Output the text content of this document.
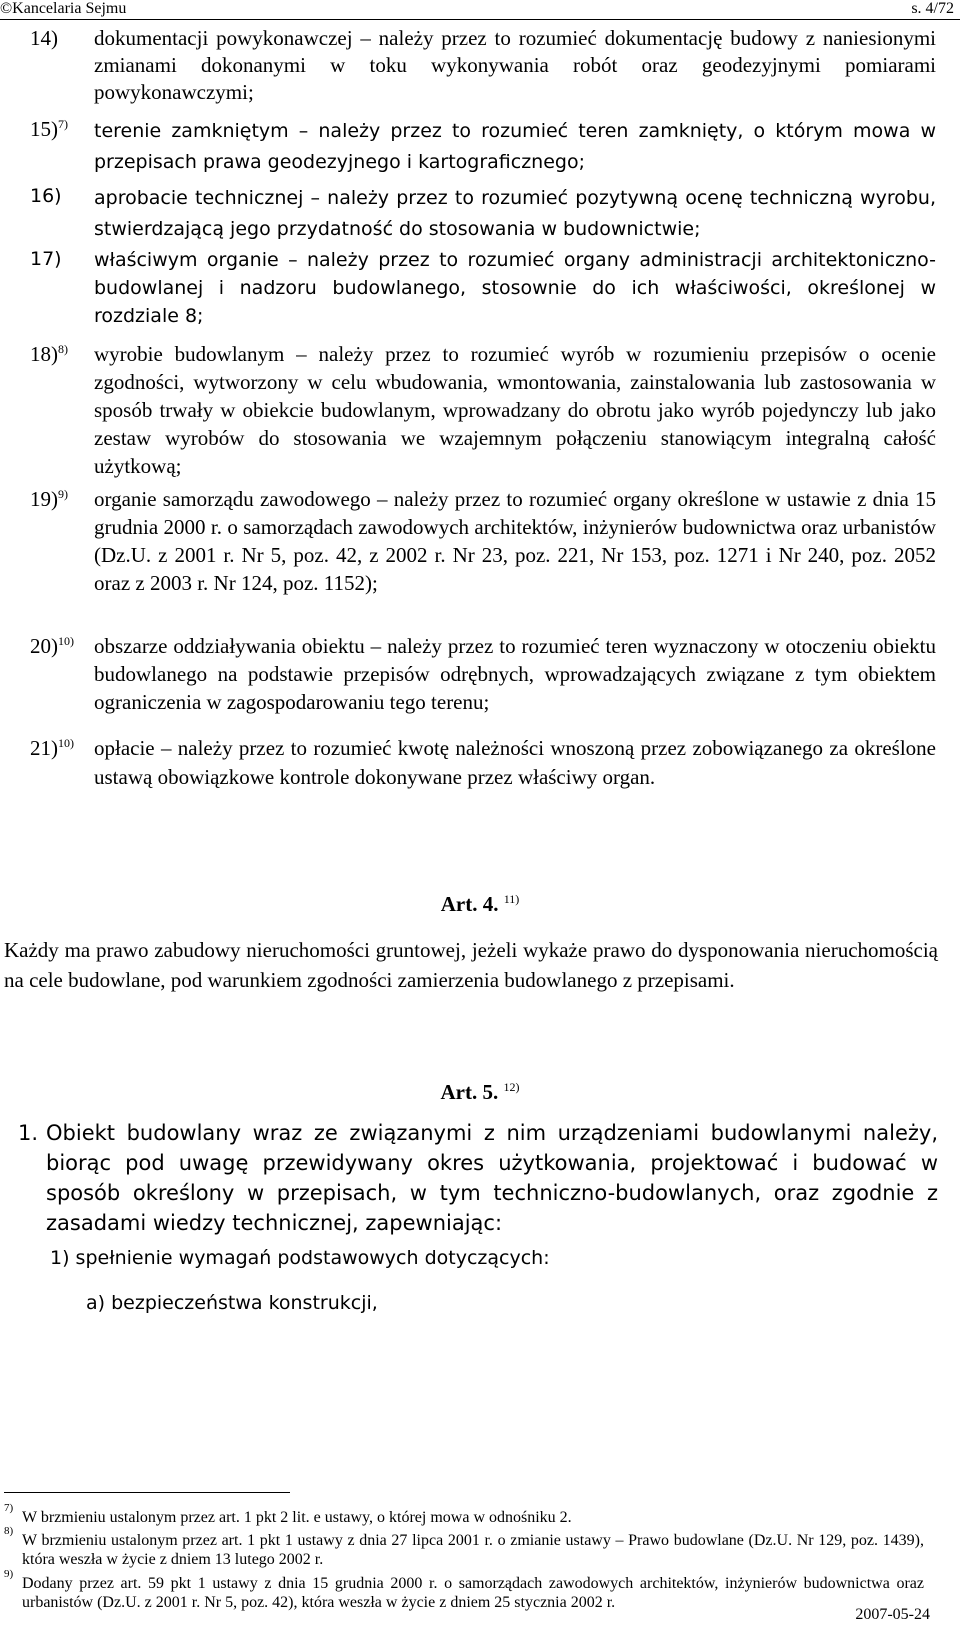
©Kancelaria Sejmu	s. 4/72
14) dokumentacji powykonawczej – należy przez to rozumieć dokumentację budowy z naniesionymi zmianami dokonanymi w toku wykonywania robót oraz geodezyjnymi pomiarami powykonawczymi;
15)$^{7)}$ terenie zamkniętym – należy przez to rozumieć teren zamknięty, o którym mowa w przepisach prawa geodezyjnego i kartograficznego;
16) aprobacie technicznej – należy przez to rozumieć pozytywną ocenę techniczną wyrobu, stwierdzającą jego przydatność do stosowania w budownictwie;
17) właściwym organie – należy przez to rozumieć organy administracji architektoniczno-budowlanej i nadzoru budowlanego, stosownie do ich właściwości, określonej w rozdziale 8;
18)$^{8)}$ wyrobie budowlanym – należy przez to rozumieć wyrób w rozumieniu przepisów o ocenie zgodności, wytworzony w celu wbudowania, wmontowania, zainstalowania lub zastosowania w sposób trwały w obiekcie budowlanym, wprowadzany do obrotu jako wyrób pojedynczy lub jako zestaw wyrobów do stosowania we wzajemnym połączeniu stanowiącym integralną całość użytkową;
19)$^{9)}$ organie samorządu zawodowego – należy przez to rozumieć organy określone w ustawie z dnia 15 grudnia 2000 r. o samorządach zawodowych architektów, inżynierów budownictwa oraz urbanistów (Dz.U. z 2001 r. Nr 5, poz. 42, z 2002 r. Nr 23, poz. 221, Nr 153, poz. 1271 i Nr 240, poz. 2052 oraz z 2003 r. Nr 124, poz. 1152);
20)$^{10)}$ obszarze oddziaływania obiektu – należy przez to rozumieć teren wyznaczony w otoczeniu obiektu budowlanego na podstawie przepisów odrębnych, wprowadzających związane z tym obiektem ograniczenia w zagospodarowaniu tego terenu;
21)$^{10)}$ opłacie – należy przez to rozumieć kwotę należności wnoszoną przez zobowiązanego za określone ustawą obowiązkowe kontrole dokonywane przez właściwy organ.
Art. 4. $^{11)}$
Każdy ma prawo zabudowy nieruchomości gruntowej, jeżeli wykaże prawo do dysponowania nieruchomością na cele budowlane, pod warunkiem zgodności zamierzenia budowlanego z przepisami.
Art. 5. $^{12)}$
1. Obiekt budowlany wraz ze związanymi z nim urządzeniami budowlanymi należy, biorąc pod uwagę przewidywany okres użytkowania, projektować i budować w sposób określony w przepisach, w tym techniczno-budowlanych, oraz zgodnie z zasadami wiedzy technicznej, zapewniając:
1) spełnienie wymagań podstawowych dotyczących:
a) bezpieczeństwa konstrukcji,
7)
W brzmieniu ustalonym przez art. 1 pkt 2 lit. e ustawy, o której mowa w odnośniku 2.
8)
W brzmieniu ustalonym przez art. 1 pkt 1 ustawy z dnia 27 lipca 2001 r. o zmianie ustawy – Prawo budowlane (Dz.U. Nr 129, poz. 1439), która weszła w życie z dniem 13 lutego 2002 r.
9)
Dodany przez art. 59 pkt 1 ustawy z dnia 15 grudnia 2000 r. o samorządach zawodowych architektów, inżynierów budownictwa oraz urbanistów (Dz.U. z 2001 r. Nr 5, poz. 42), która weszła w życie z dniem 25 stycznia 2002 r.
2007-05-24
